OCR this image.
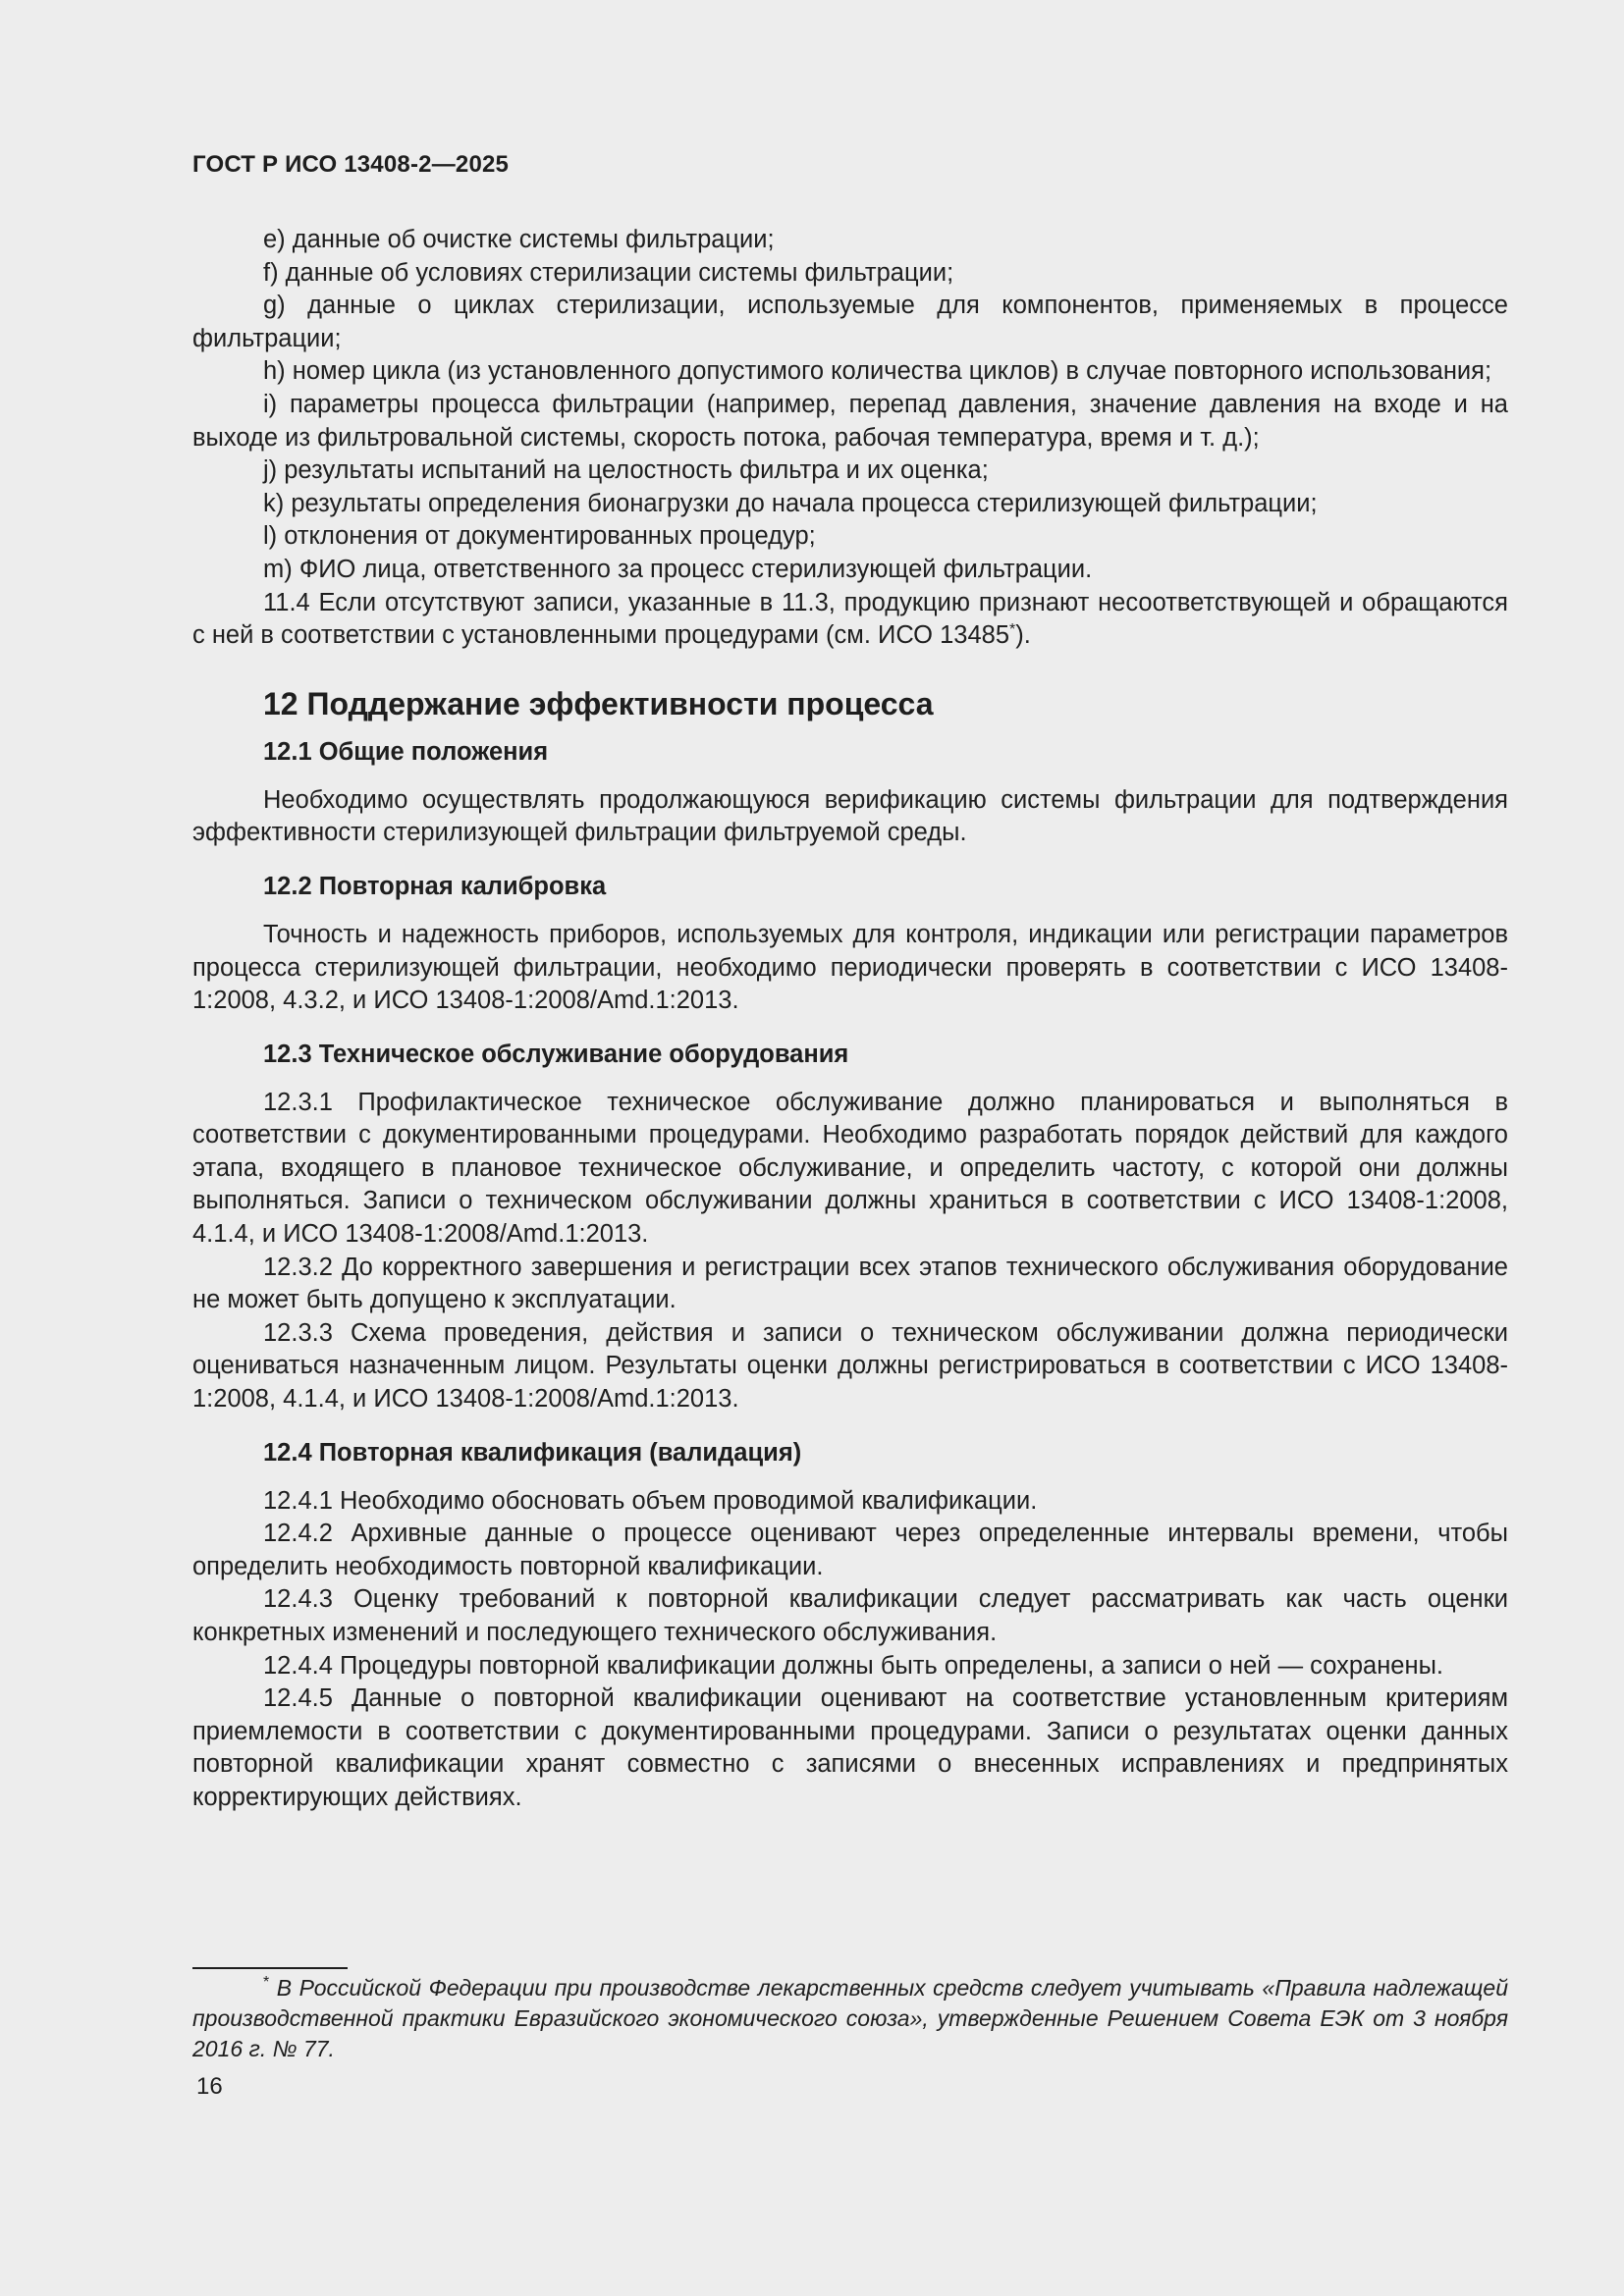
ГОСТ Р ИСО 13408-2—2025

e) данные об очистке системы фильтрации;

f) данные об условиях стерилизации системы фильтрации;

g) данные о циклах стерилизации, используемые для компонентов, применяемых в процессе фильтрации;

h) номер цикла (из установленного допустимого количества циклов) в случае повторного использования;

i) параметры процесса фильтрации (например, перепад давления, значение давления на входе и на выходе из фильтровальной системы, скорость потока, рабочая температура, время и т. д.);

j) результаты испытаний на целостность фильтра и их оценка;

k) результаты определения бионагрузки до начала процесса стерилизующей фильтрации;

l) отклонения от документированных процедур;

m) ФИО лица, ответственного за процесс стерилизующей фильтрации.

11.4 Если отсутствуют записи, указанные в 11.3, продукцию признают несоответствующей и обращаются с ней в соответствии с установленными процедурами (см. ИСО 13485*).

12 Поддержание эффективности процесса
12.1 Общие положения

Необходимо осуществлять продолжающуюся верификацию системы фильтрации для подтверждения эффективности стерилизующей фильтрации фильтруемой среды.

12.2 Повторная калибровка

Точность и надежность приборов, используемых для контроля, индикации или регистрации параметров процесса стерилизующей фильтрации, необходимо периодически проверять в соответствии с ИСО 13408-1:2008, 4.3.2, и ИСО 13408-1:2008/Amd.1:2013.

12.3 Техническое обслуживание оборудования

12.3.1 Профилактическое техническое обслуживание должно планироваться и выполняться в соответствии с документированными процедурами. Необходимо разработать порядок действий для каждого этапа, входящего в плановое техническое обслуживание, и определить частоту, с которой они должны выполняться. Записи о техническом обслуживании должны храниться в соответствии с ИСО 13408-1:2008, 4.1.4, и ИСО 13408-1:2008/Amd.1:2013.

12.3.2 До корректного завершения и регистрации всех этапов технического обслуживания оборудование не может быть допущено к эксплуатации.

12.3.3 Схема проведения, действия и записи о техническом обслуживании должна периодически оцениваться назначенным лицом. Результаты оценки должны регистрироваться в соответствии с ИСО 13408-1:2008, 4.1.4, и ИСО 13408-1:2008/Amd.1:2013.

12.4 Повторная квалификация (валидация)

12.4.1 Необходимо обосновать объем проводимой квалификации.

12.4.2 Архивные данные о процессе оценивают через определенные интервалы времени, чтобы определить необходимость повторной квалификации.

12.4.3 Оценку требований к повторной квалификации следует рассматривать как часть оценки конкретных изменений и последующего технического обслуживания.

12.4.4 Процедуры повторной квалификации должны быть определены, а записи о ней — сохранены.

12.4.5 Данные о повторной квалификации оценивают на соответствие установленным критериям приемлемости в соответствии с документированными процедурами. Записи о результатах оценки данных повторной квалификации хранят совместно с записями о внесенных исправлениях и предпринятых корректирующих действиях.

* В Российской Федерации при производстве лекарственных средств следует учитывать «Правила надлежащей производственной практики Евразийского экономического союза», утвержденные Решением Совета ЕЭК от 3 ноября 2016 г. № 77.
16
